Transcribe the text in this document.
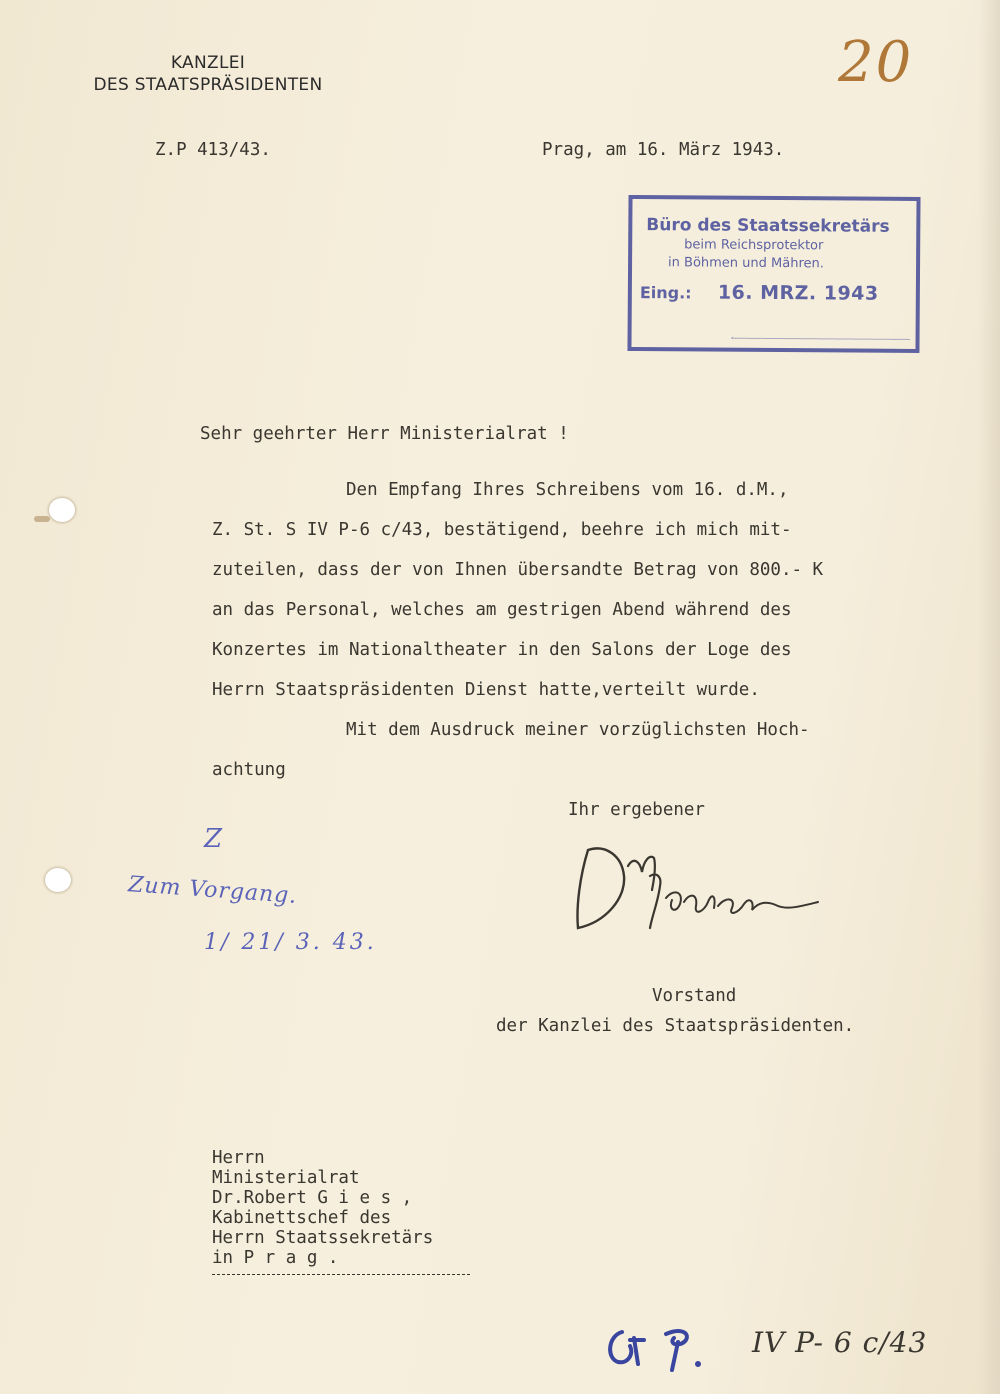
KANZLEI
DES STAATSPRÄSIDENTEN	20
Z.P 413/43.	Prag, am 16. März 1943.
Büro des Staatssekretärs
beim Reichsprotektor
in Böhmen und Mähren.
Eing.:	16. MRZ. 1943
Sehr geehrter Herr Ministerialrat !
Den Empfang Ihres Schreibens vom 16. d.M.,
Z. St. S IV P-6 c/43, bestätigend, beehre ich mich mit-
zuteilen, dass der von Ihnen übersandte Betrag von 800.- K
an das Personal, welches am gestrigen Abend während des
Konzertes im Nationaltheater in den Salons der Loge des
Herrn Staatspräsidenten Dienst hatte,verteilt wurde.
Mit dem Ausdruck meiner vorzüglichsten Hoch-
achtung
Ihr ergebener
Vorstand
der Kanzlei des Staatspräsidenten.
Z
Zum Vorgang.
1/ 21/ 3. 43.
Herrn
Ministerialrat
Dr.Robert G i e s ,
Kabinettschef des
Herrn Staatssekretärs
in P r a g .
IV P- 6 c/43
